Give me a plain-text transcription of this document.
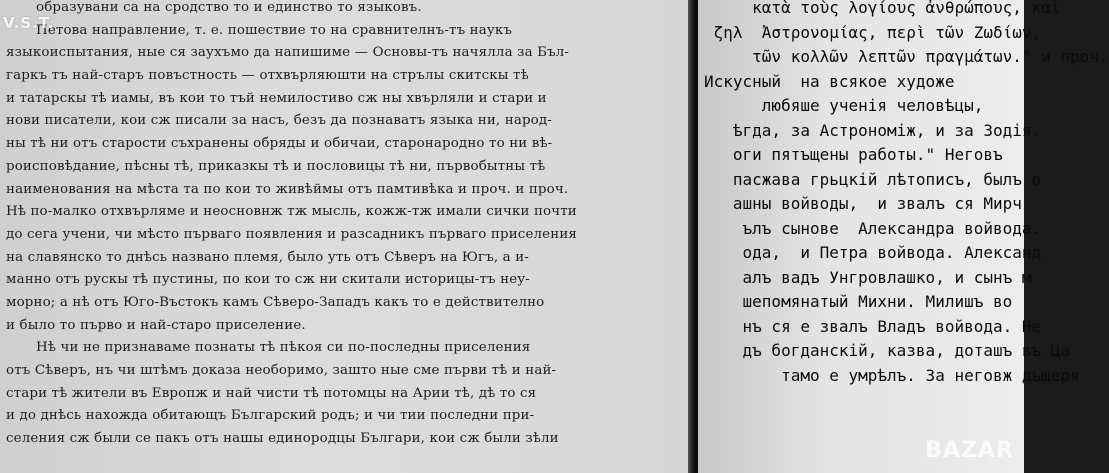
образувани са на сродство то и единство то языковъ.
Петова направление, т. е. пошествие то на сравнителнъ-тъ наукъ
языкоиспытания, ные ся заухъмо да напишиме — Основы-тъ начялла за Бъл-
гаркъ тъ най-старъ повъстность — отхвърляюшти на стрълы скитскы тѣ
и татарскы тѣ иамы, въ кои то тъй немилостиво сж ны хвърляли и стари и
нови писатели, кои сж писали за насъ, безъ да познаватъ языка ни, народ-
ны тѣ ни отъ старости съхранены обряды и обичаи, старонародно то ни вѣ-
роисповѣдание, пѣсны тѣ, приказкы тѣ и пословицы тѣ ни, първобытны тѣ
наименования на мѣста та по кои то живѣймы отъ памтивѣка и проч. и проч.
Нѣ по-малко отхвърляме и неосновнж тж мысль, кожж-тж имали сички почти
до сега учени, чи мѣсто първаго появления и разсадникъ първаго приселения
на славянско то днѣсь названо племя, было уть отъ Сѣверъ на Югъ, а и-
манно отъ рускы тѣ пустины, по кои то сж ни скитали историцы-тъ неу-
морно; а нѣ отъ Юго-Въстокъ камъ Сѣверо-Западъ какъ то е действително
и было то първо и най-старо приселение.
Нѣ чи не признаваме познаты тѣ пѣкоя си по-последны приселения
отъ Сѣверъ, нъ чи штѣмъ доказа необоримо, зашто ные сме първи тѣ и най-
стари тѣ жители въ Европж и най чисти тѣ потомцы на Арии тѣ, дѣ то ся
и до днѣсь нахожда обитающъ Българский родъ; и чи тии последни при-
селения сж были се пакъ отъ нашы единородцы Българи, кои сж были зѣли
V.S.T.
κατὰ τοὺς λογίους ἀνθρώπους, καὶ
ζηλ  Ἀστρονομίας, περὶ τῶν Ζωδίων,
τῶν κολλῶν λεπτῶν πραγμάτων." и проч.
Искусный  на всякое художе
любяше ученія человѣцы,
ѣгда, за Астрономіж, и за Зодія.
оги пятъщены работы." Неговъ
пасжава грьцкій лѣтописъ, былъ о
ашны войводы,  и звалъ ся Мирч
ълъ сынове  Александра войвода.
ода,  и Петра войвода. Александ
алъ вадъ Унгровлашко, и сынъ м
шепомянатый Михни. Милишъ во
нъ ся е звалъ Владъ войвода. Не
дъ богданскій, казва, доташъ въ Ца
тамо е умрѣлъ. За неговж дъщеря
BAZAR
